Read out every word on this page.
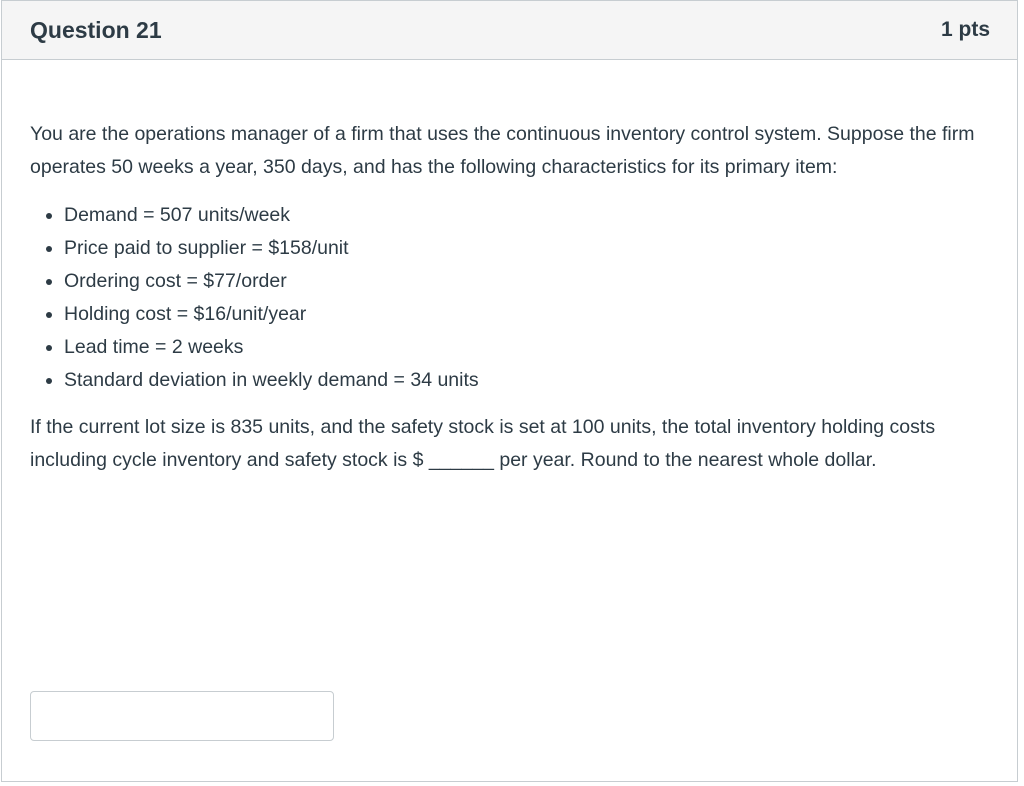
Question 21	1 pts

You are the operations manager of a firm that uses the continuous inventory control system. Suppose the firm operates 50 weeks a year, 350 days, and has the following characteristics for its primary item:

• Demand = 507 units/week
• Price paid to supplier = $158/unit
• Ordering cost = $77/order
• Holding cost = $16/unit/year
• Lead time = 2 weeks
• Standard deviation in weekly demand = 34 units

If the current lot size is 835 units, and the safety stock is set at 100 units, the total inventory holding costs including cycle inventory and safety stock is $ ______ per year. Round to the nearest whole dollar.
